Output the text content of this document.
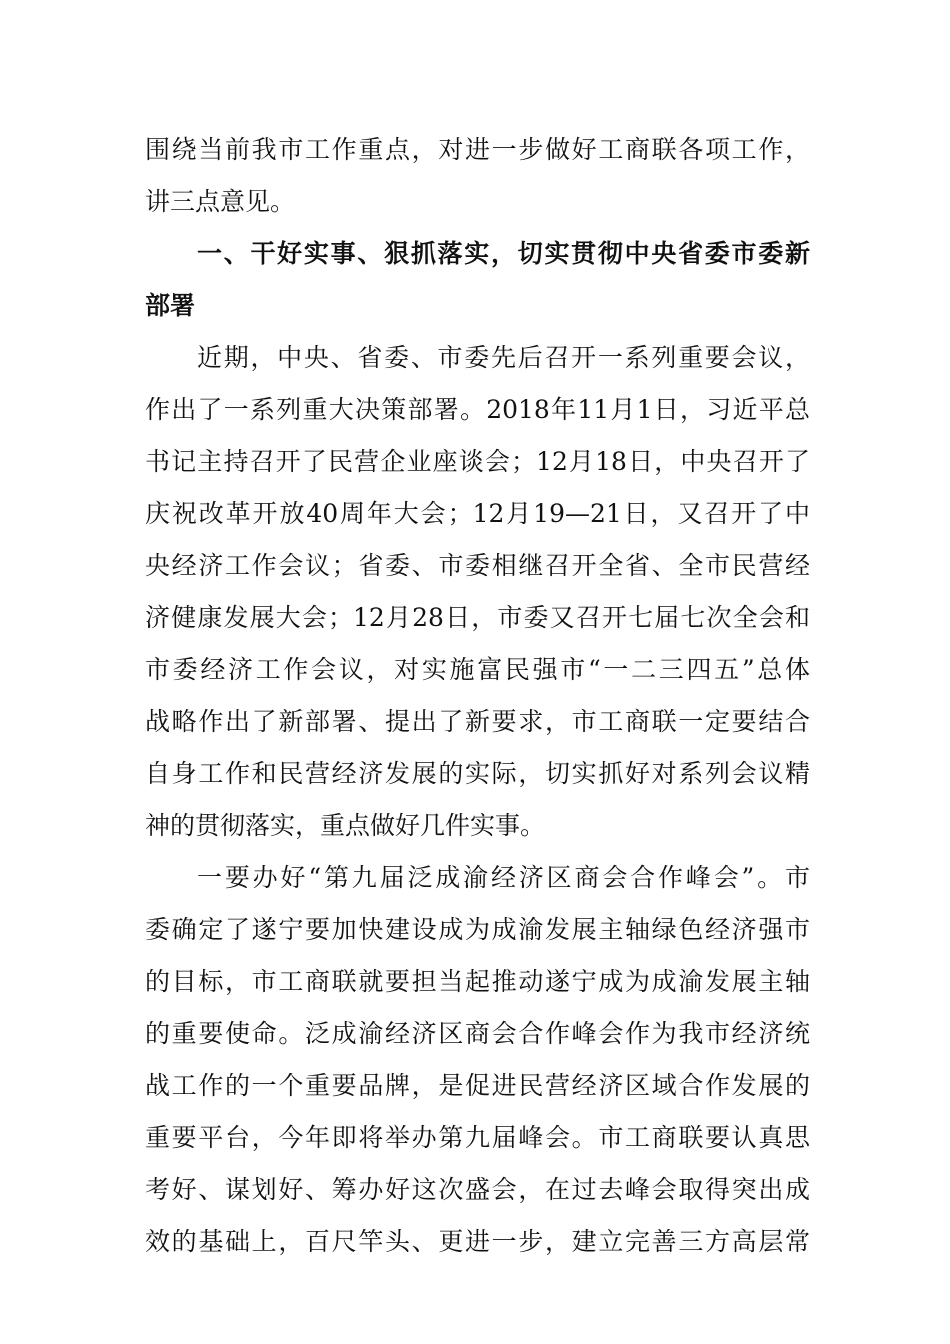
围绕当前我市工作重点，对进一步做好工商联各项工作，
讲三点意见。
一、干好实事、狠抓落实，切实贯彻中央省委市委新
部署
近期，中央、省委、市委先后召开一系列重要会议，
作出了一系列重大决策部署。2018年11月1日，习近平总
书记主持召开了民营企业座谈会；12月18日，中央召开了
庆祝改革开放40周年大会；12月19—21日，又召开了中
央经济工作会议；省委、市委相继召开全省、全市民营经
济健康发展大会；12月28日，市委又召开七届七次全会和
市委经济工作会议，对实施富民强市“一二三四五”总体
战略作出了新部署、提出了新要求，市工商联一定要结合
自身工作和民营经济发展的实际，切实抓好对系列会议精
神的贯彻落实，重点做好几件实事。
一要办好“第九届泛成渝经济区商会合作峰会”。市
委确定了遂宁要加快建设成为成渝发展主轴绿色经济强市
的目标，市工商联就要担当起推动遂宁成为成渝发展主轴
的重要使命。泛成渝经济区商会合作峰会作为我市经济统
战工作的一个重要品牌，是促进民营经济区域合作发展的
重要平台，今年即将举办第九届峰会。市工商联要认真思
考好、谋划好、筹办好这次盛会，在过去峰会取得突出成
效的基础上，百尺竿头、更进一步，建立完善三方高层常
